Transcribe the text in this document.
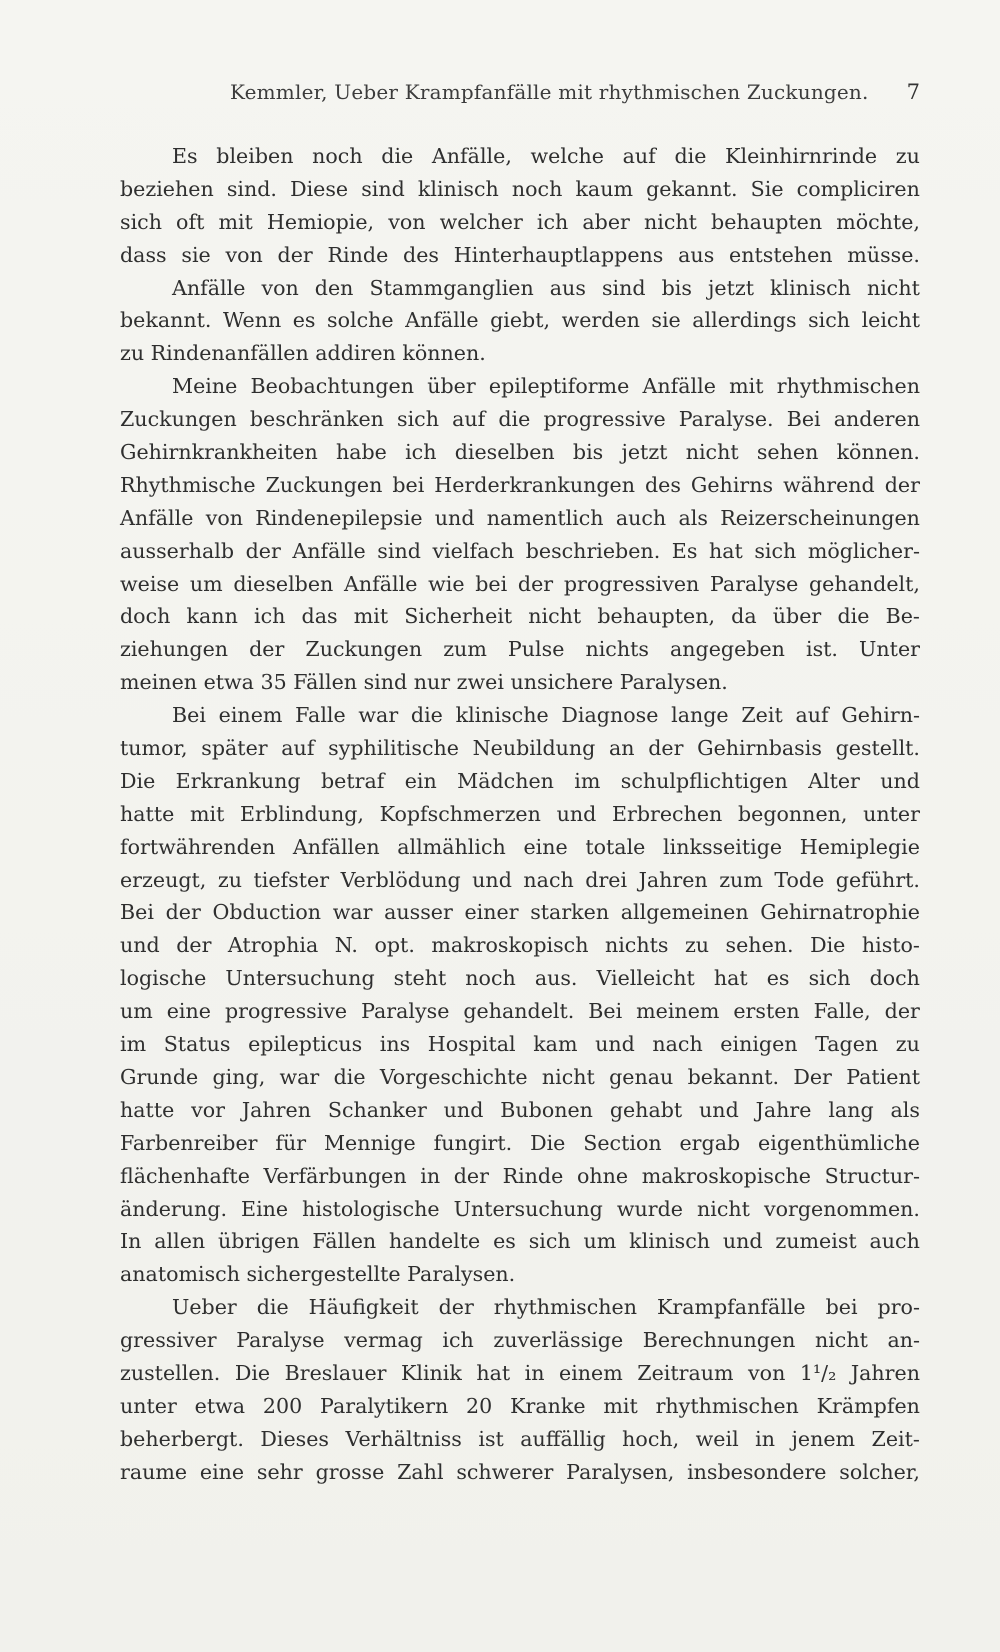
Kemmler, Ueber Krampfanfälle mit rhythmischen Zuckungen. 7
Es bleiben noch die Anfälle, welche auf die Kleinhirnrinde zu
beziehen sind. Diese sind klinisch noch kaum gekannt. Sie compliciren
sich oft mit Hemiopie, von welcher ich aber nicht behaupten möchte,
dass sie von der Rinde des Hinterhauptlappens aus entstehen müsse.
Anfälle von den Stammganglien aus sind bis jetzt klinisch nicht
bekannt. Wenn es solche Anfälle giebt, werden sie allerdings sich leicht
zu
Rindenanfällen
addiren
können.
Meine Beobachtungen über epileptiforme Anfälle mit rhythmischen
Zuckungen beschränken sich auf die progressive Paralyse. Bei anderen
Gehirnkrankheiten habe ich dieselben bis jetzt nicht sehen können.
Rhythmische Zuckungen bei Herderkrankungen des Gehirns während der
Anfälle von Rindenepilepsie und namentlich auch als Reizerscheinungen
ausserhalb der Anfälle sind vielfach beschrieben. Es hat sich möglicher-
weise um dieselben Anfälle wie bei der progressiven Paralyse gehandelt,
doch kann ich das mit Sicherheit nicht behaupten, da über die Be-
ziehungen der Zuckungen zum Pulse nichts angegeben ist. Unter
meinen
etwa
35
Fällen
sind
nur
zwei
unsichere
Paralysen.
Bei einem Falle war die klinische Diagnose lange Zeit auf Gehirn-
tumor, später auf syphilitische Neubildung an der Gehirnbasis gestellt.
Die Erkrankung betraf ein Mädchen im schulpflichtigen Alter und
hatte mit Erblindung, Kopfschmerzen und Erbrechen begonnen, unter
fortwährenden Anfällen allmählich eine totale linksseitige Hemiplegie
erzeugt, zu tiefster Verblödung und nach drei Jahren zum Tode geführt.
Bei der Obduction war ausser einer starken allgemeinen Gehirnatrophie
und der Atrophia N. opt. makroskopisch nichts zu sehen. Die histo-
logische Untersuchung steht noch aus. Vielleicht hat es sich doch
um eine progressive Paralyse gehandelt. Bei meinem ersten Falle, der
im Status epilepticus ins Hospital kam und nach einigen Tagen zu
Grunde ging, war die Vorgeschichte nicht genau bekannt. Der Patient
hatte vor Jahren Schanker und Bubonen gehabt und Jahre lang als
Farbenreiber für Mennige fungirt. Die Section ergab eigenthümliche
flächenhafte Verfärbungen in der Rinde ohne makroskopische Structur-
änderung. Eine histologische Untersuchung wurde nicht vorgenommen.
In allen übrigen Fällen handelte es sich um klinisch und zumeist auch
anatomisch
sichergestellte
Paralysen.
Ueber die Häufigkeit der rhythmischen Krampfanfälle bei pro-
gressiver Paralyse vermag ich zuverlässige Berechnungen nicht an-
zustellen. Die Breslauer Klinik hat in einem Zeitraum von 1¹/₂ Jahren
unter etwa 200 Paralytikern 20 Kranke mit rhythmischen Krämpfen
beherbergt. Dieses Verhältniss ist auffällig hoch, weil in jenem Zeit-
raume eine sehr grosse Zahl schwerer Paralysen, insbesondere solcher,
